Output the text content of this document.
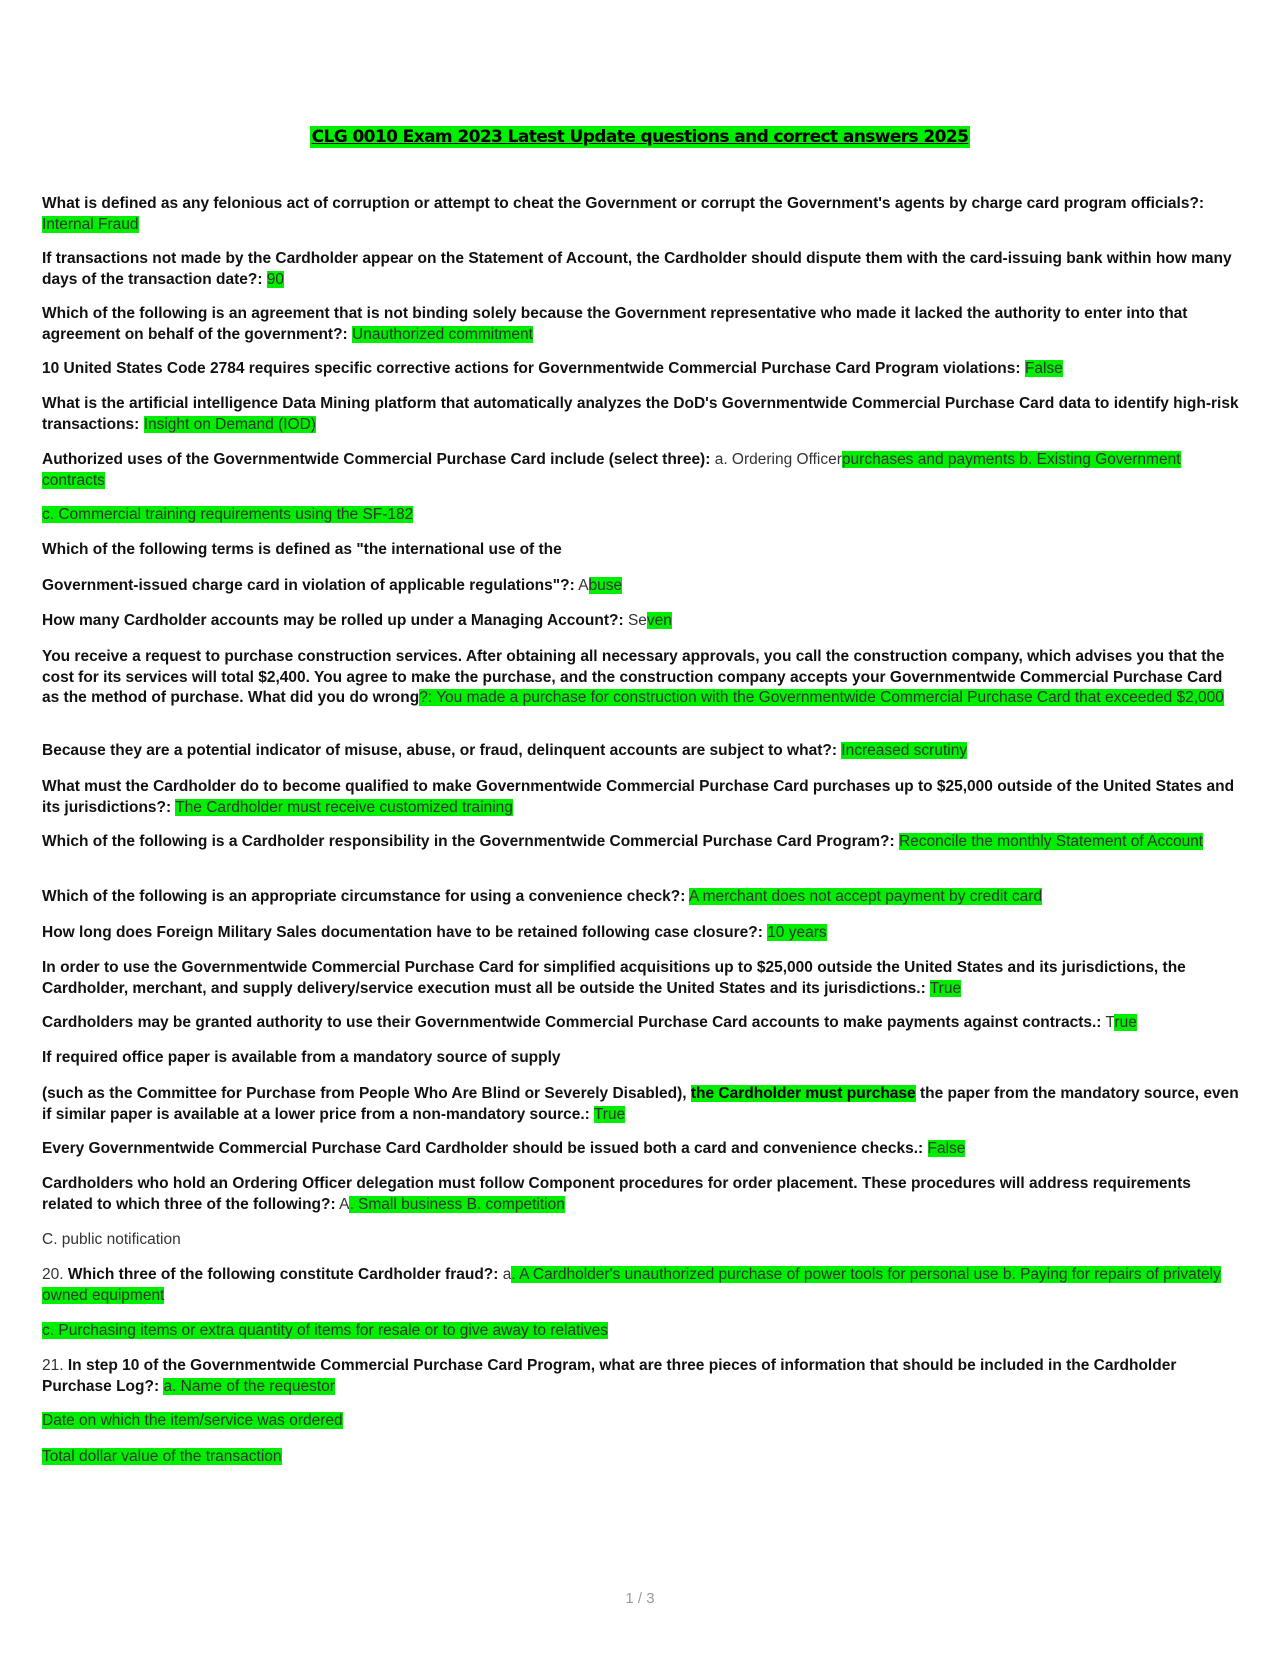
CLG 0010 Exam 2023 Latest Update questions and correct answers 2025

What is defined as any felonious act of corruption or attempt to cheat the Government or corrupt the Government's agents by charge card program officials?: Internal Fraud

If transactions not made by the Cardholder appear on the Statement of Account, the Cardholder should dispute them with the card-issuing bank within how many days of the transaction date?: 90

Which of the following is an agreement that is not binding solely because the Government representative who made it lacked the authority to enter into that agreement on behalf of the government?: Unauthorized commitment

10 United States Code 2784 requires specific corrective actions for Governmentwide Commercial Purchase Card Program violations: False

What is the artificial intelligence Data Mining platform that automatically analyzes the DoD's Governmentwide Commercial Purchase Card data to identify high-risk transactions: Insight on Demand (IOD)

Authorized uses of the Governmentwide Commercial Purchase Card include (select three): a. Ordering Officerpurchases and payments b. Existing Government contracts

c. Commercial training requirements using the SF-182

Which of the following terms is defined as "the international use of the

Government-issued charge card in violation of applicable regulations"?: Abuse

How many Cardholder accounts may be rolled up under a Managing Account?: Seven

You receive a request to purchase construction services. After obtaining all necessary approvals, you call the construction company, which advises you that the cost for its services will total $2,400. You agree to make the purchase, and the construction company accepts your Governmentwide Commercial Purchase Card as the method of purchase. What did you do wrong?: You made a purchase for construction with the Governmentwide Commercial Purchase Card that exceeded $2,000

Because they are a potential indicator of misuse, abuse, or fraud, delinquent accounts are subject to what?: Increased scrutiny

What must the Cardholder do to become qualified to make Governmentwide Commercial Purchase Card purchases up to $25,000 outside of the United States and its jurisdictions?: The Cardholder must receive customized training

Which of the following is a Cardholder responsibility in the Governmentwide Commercial Purchase Card Program?: Reconcile the monthly Statement of Account

Which of the following is an appropriate circumstance for using a convenience check?: A merchant does not accept payment by credit card

How long does Foreign Military Sales documentation have to be retained following case closure?: 10 years

In order to use the Governmentwide Commercial Purchase Card for simplified acquisitions up to $25,000 outside the United States and its jurisdictions, the Cardholder, merchant, and supply delivery/service execution must all be outside the United States and its jurisdictions.: True

Cardholders may be granted authority to use their Governmentwide Commercial Purchase Card accounts to make payments against contracts.: True

If required office paper is available from a mandatory source of supply

(such as the Committee for Purchase from People Who Are Blind or Severely Disabled), the Cardholder must purchase the paper from the mandatory source, even if similar paper is available at a lower price from a non-mandatory source.: True

Every Governmentwide Commercial Purchase Card Cardholder should be issued both a card and convenience checks.: False

Cardholders who hold an Ordering Officer delegation must follow Component procedures for order placement. These procedures will address requirements related to which three of the following?: A. Small business B. competition

C. public notification

20. Which three of the following constitute Cardholder fraud?: a. A Cardholder's unauthorized purchase of power tools for personal use b. Paying for repairs of privately owned equipment

c. Purchasing items or extra quantity of items for resale or to give away to relatives

21. In step 10 of the Governmentwide Commercial Purchase Card Program, what are three pieces of information that should be included in the Cardholder Purchase Log?: a. Name of the requestor

Date on which the item/service was ordered

Total dollar value of the transaction

1 / 3
